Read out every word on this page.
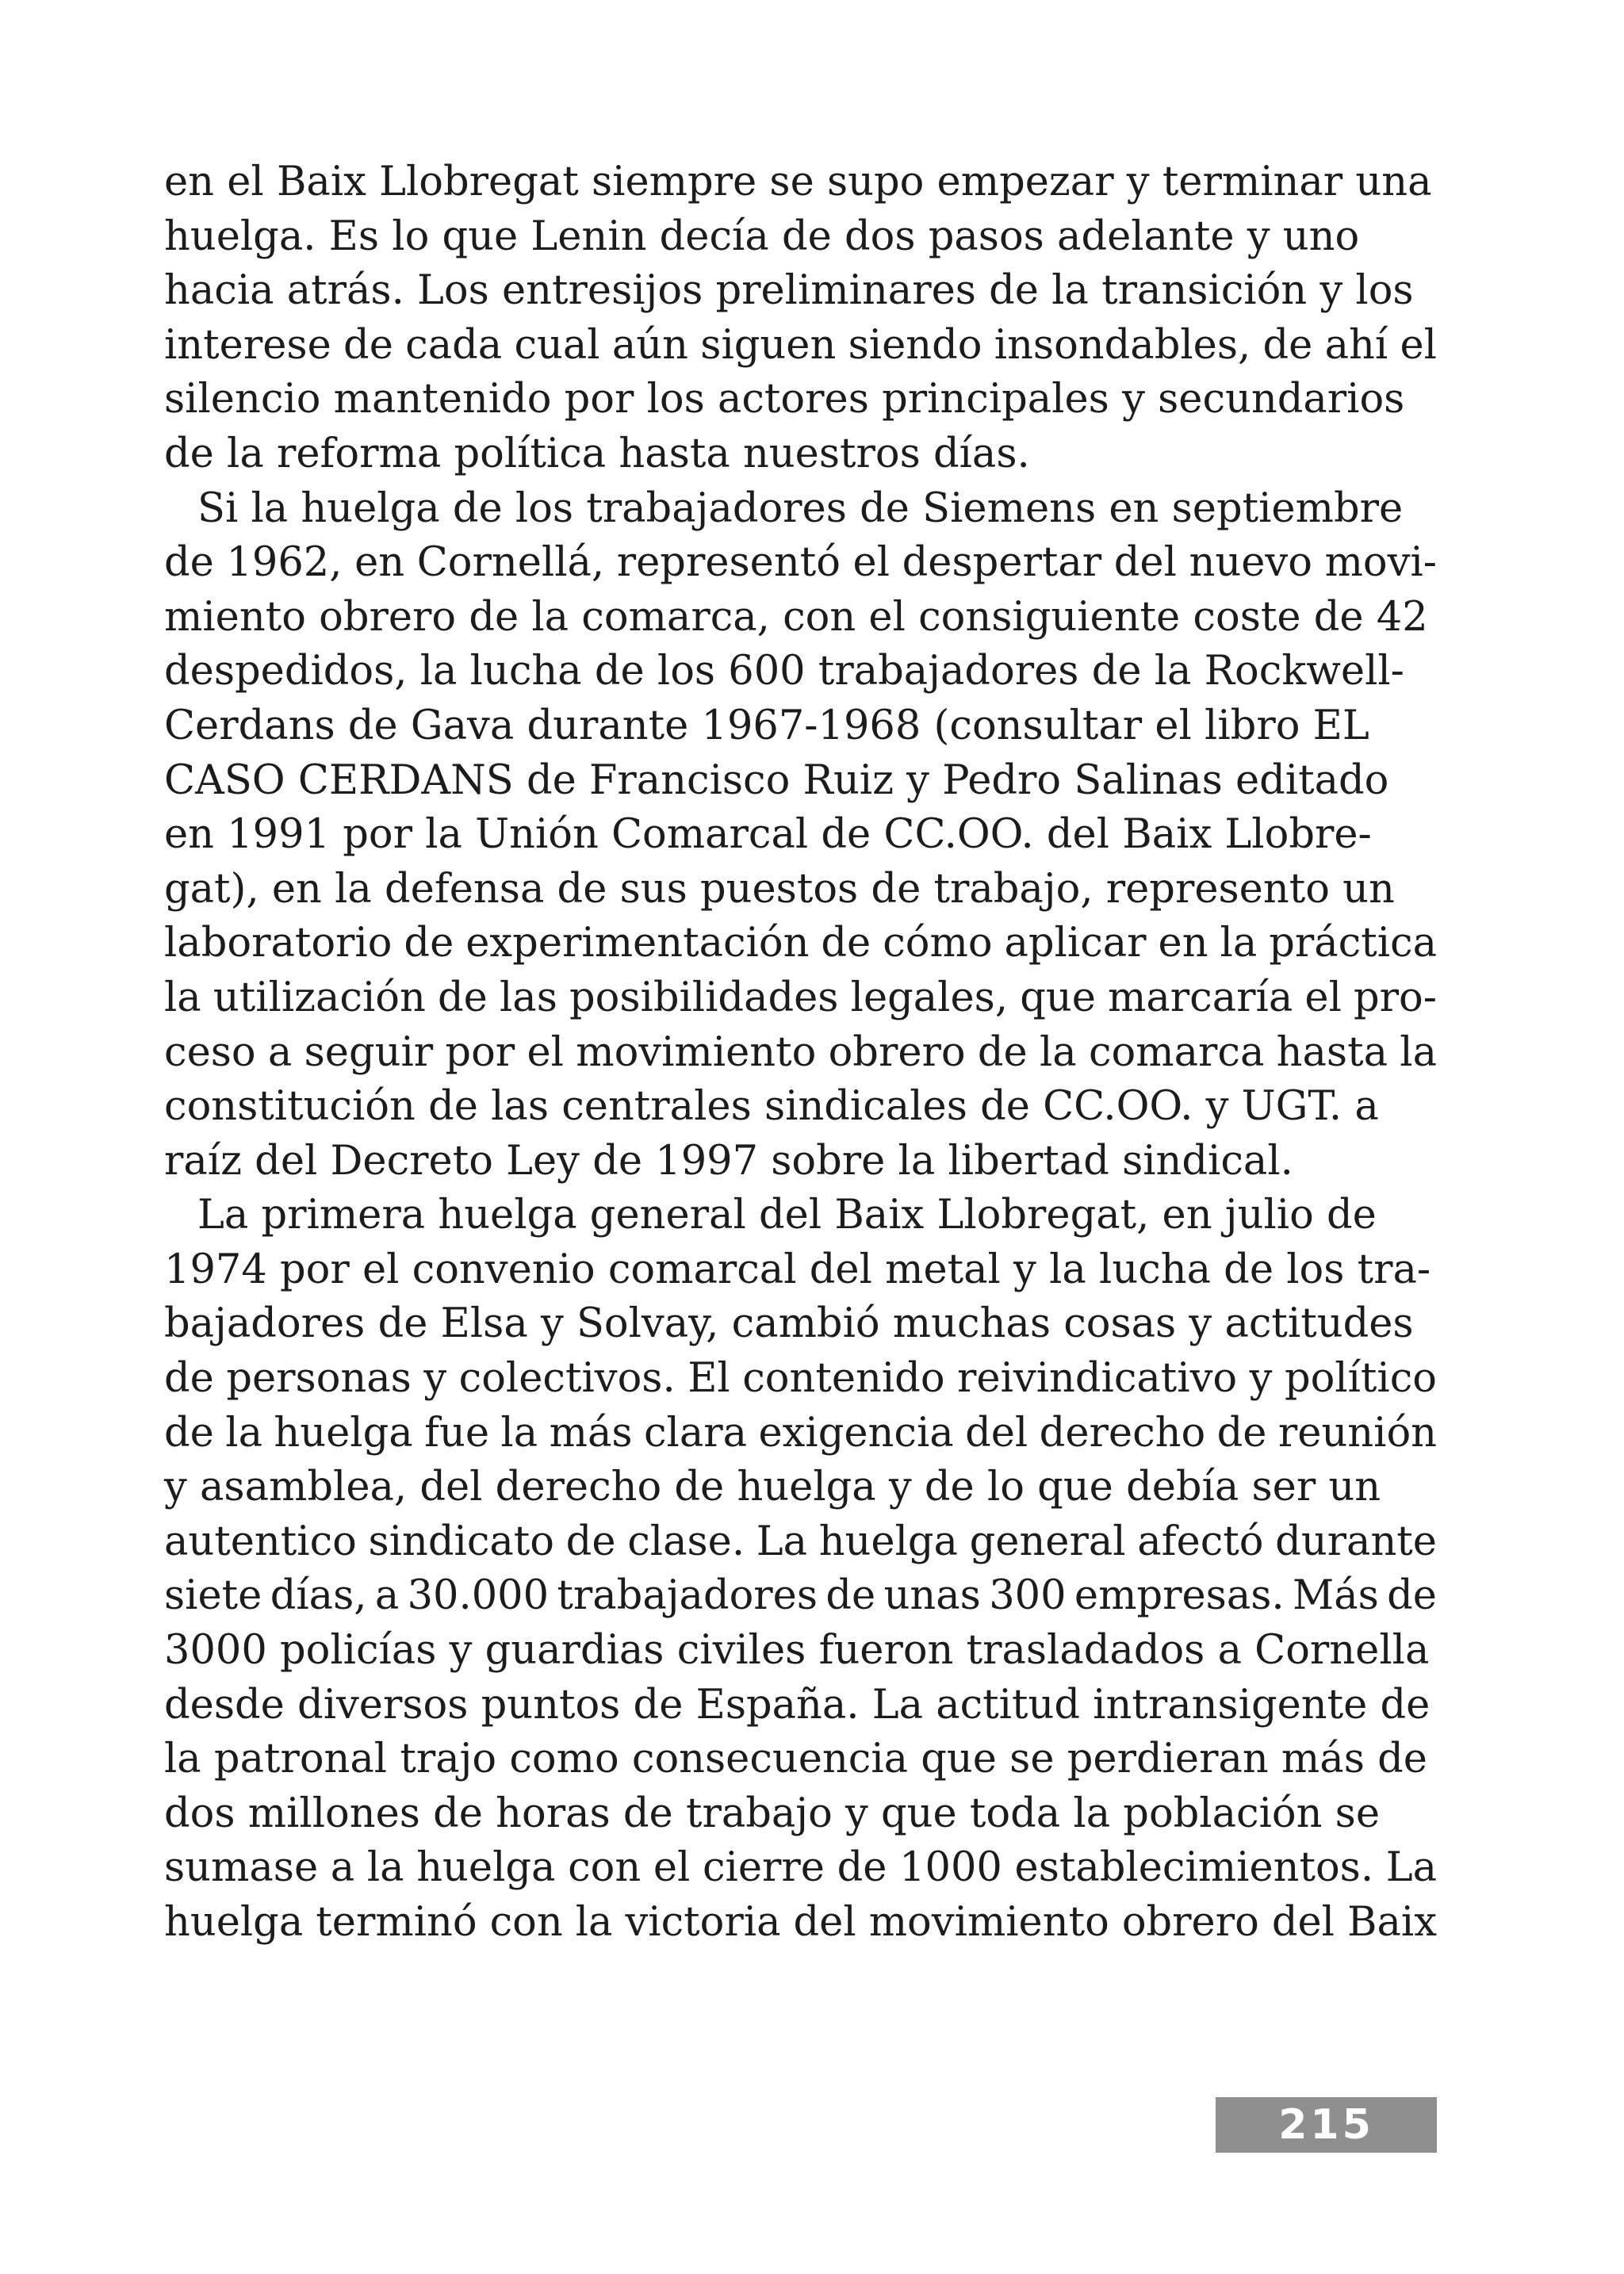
en el Baix Llobregat siempre se supo empezar y terminar una
huelga. Es lo que Lenin decía de dos pasos adelante y uno
hacia atrás. Los entresijos preliminares de la transición y los
interese de cada cual aún siguen siendo insondables, de ahí el
silencio mantenido por los actores principales y secundarios
de la reforma política hasta nuestros días.
Si la huelga de los trabajadores de Siemens en septiembre
de 1962, en Cornellá, representó el despertar del nuevo movi-
miento obrero de la comarca, con el consiguiente coste de 42
despedidos, la lucha de los 600 trabajadores de la Rockwell-
Cerdans de Gava durante 1967-1968 (consultar el libro EL
CASO CERDANS de Francisco Ruiz y Pedro Salinas editado
en 1991 por la Unión Comarcal de CC.OO. del Baix Llobre-
gat), en la defensa de sus puestos de trabajo, represento un
laboratorio de experimentación de cómo aplicar en la práctica
la utilización de las posibilidades legales, que marcaría el pro-
ceso a seguir por el movimiento obrero de la comarca hasta la
constitución de las centrales sindicales de CC.OO. y UGT. a
raíz del Decreto Ley de 1997 sobre la libertad sindical.
La primera huelga general del Baix Llobregat, en julio de
1974 por el convenio comarcal del metal y la lucha de los tra-
bajadores de Elsa y Solvay, cambió muchas cosas y actitudes
de personas y colectivos. El contenido reivindicativo y político
de la huelga fue la más clara exigencia del derecho de reunión
y asamblea, del derecho de huelga y de lo que debía ser un
autentico sindicato de clase. La huelga general afectó durante
siete días, a 30.000 trabajadores de unas 300 empresas. Más de
3000 policías y guardias civiles fueron trasladados a Cornella
desde diversos puntos de España. La actitud intransigente de
la patronal trajo como consecuencia que se perdieran más de
dos millones de horas de trabajo y que toda la población se
sumase a la huelga con el cierre de 1000 establecimientos. La
huelga terminó con la victoria del movimiento obrero del Baix
215
